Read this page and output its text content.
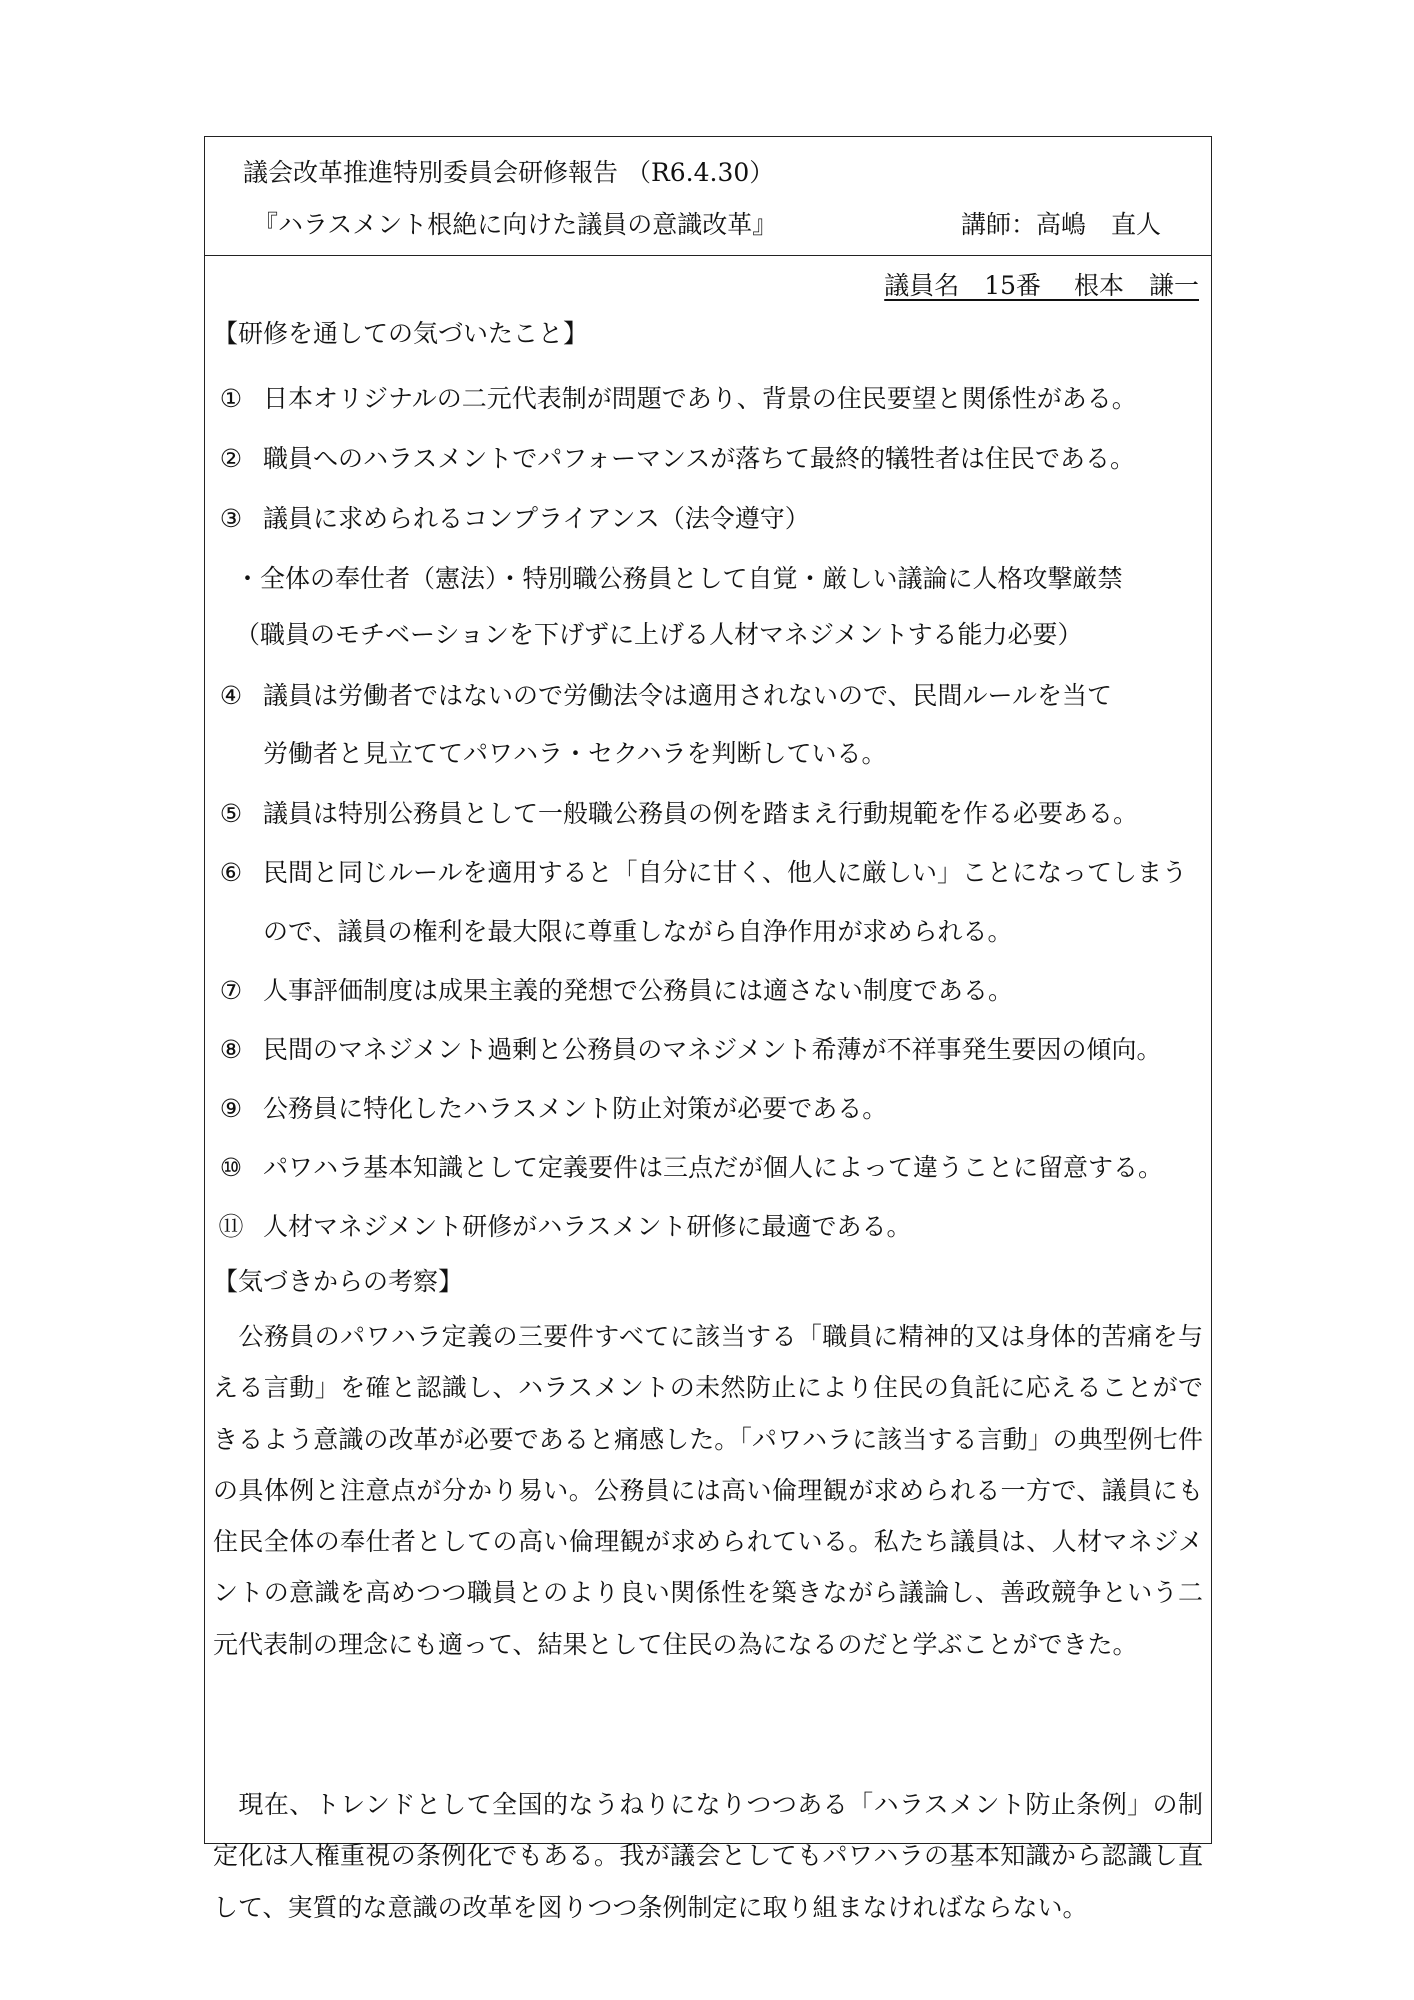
議会改革推進特別委員会研修報告 （R6.4.30）
『ハラスメント根絶に向けた議員の意識改革』	講師：高嶋　直人
議員名　15番　 根本　謙一
【研修を通しての気づいたこと】
① 日本オリジナルの二元代表制が問題であり、背景の住民要望と関係性がある。
② 職員へのハラスメントでパフォーマンスが落ちて最終的犠牲者は住民である。
③ 議員に求められるコンプライアンス（法令遵守）
・全体の奉仕者（憲法）・特別職公務員として自覚・厳しい議論に人格攻撃厳禁
（職員のモチベーションを下げずに上げる人材マネジメントする能力必要）
④ 議員は労働者ではないので労働法令は適用されないので、民間ルールを当て
労働者と見立ててパワハラ・セクハラを判断している。
⑤ 議員は特別公務員として一般職公務員の例を踏まえ行動規範を作る必要ある。
⑥ 民間と同じルールを適用すると「自分に甘く、他人に厳しい」ことになってしまう
ので、議員の権利を最大限に尊重しながら自浄作用が求められる。
⑦ 人事評価制度は成果主義的発想で公務員には適さない制度である。
⑧ 民間のマネジメント過剰と公務員のマネジメント希薄が不祥事発生要因の傾向。
⑨ 公務員に特化したハラスメント防止対策が必要である。
⑩ パワハラ基本知識として定義要件は三点だが個人によって違うことに留意する。
⑪ 人材マネジメント研修がハラスメント研修に最適である。
【気づきからの考察】
　公務員のパワハラ定義の三要件すべてに該当する「職員に精神的又は身体的苦痛を与える言動」を確と認識し、ハラスメントの未然防止により住民の負託に応えることができるよう意識の改革が必要であると痛感した。「パワハラに該当する言動」の典型例七件の具体例と注意点が分かり易い。公務員には高い倫理観が求められる一方で、議員にも住民全体の奉仕者としての高い倫理観が求められている。私たち議員は、人材マネジメントの意識を高めつつ職員とのより良い関係性を築きながら議論し、善政競争という二元代表制の理念にも適って、結果として住民の為になるのだと学ぶことができた。
　現在、トレンドとして全国的なうねりになりつつある「ハラスメント防止条例」の制定化は人権重視の条例化でもある。我が議会としてもパワハラの基本知識から認識し直して、実質的な意識の改革を図りつつ条例制定に取り組まなければならない。
